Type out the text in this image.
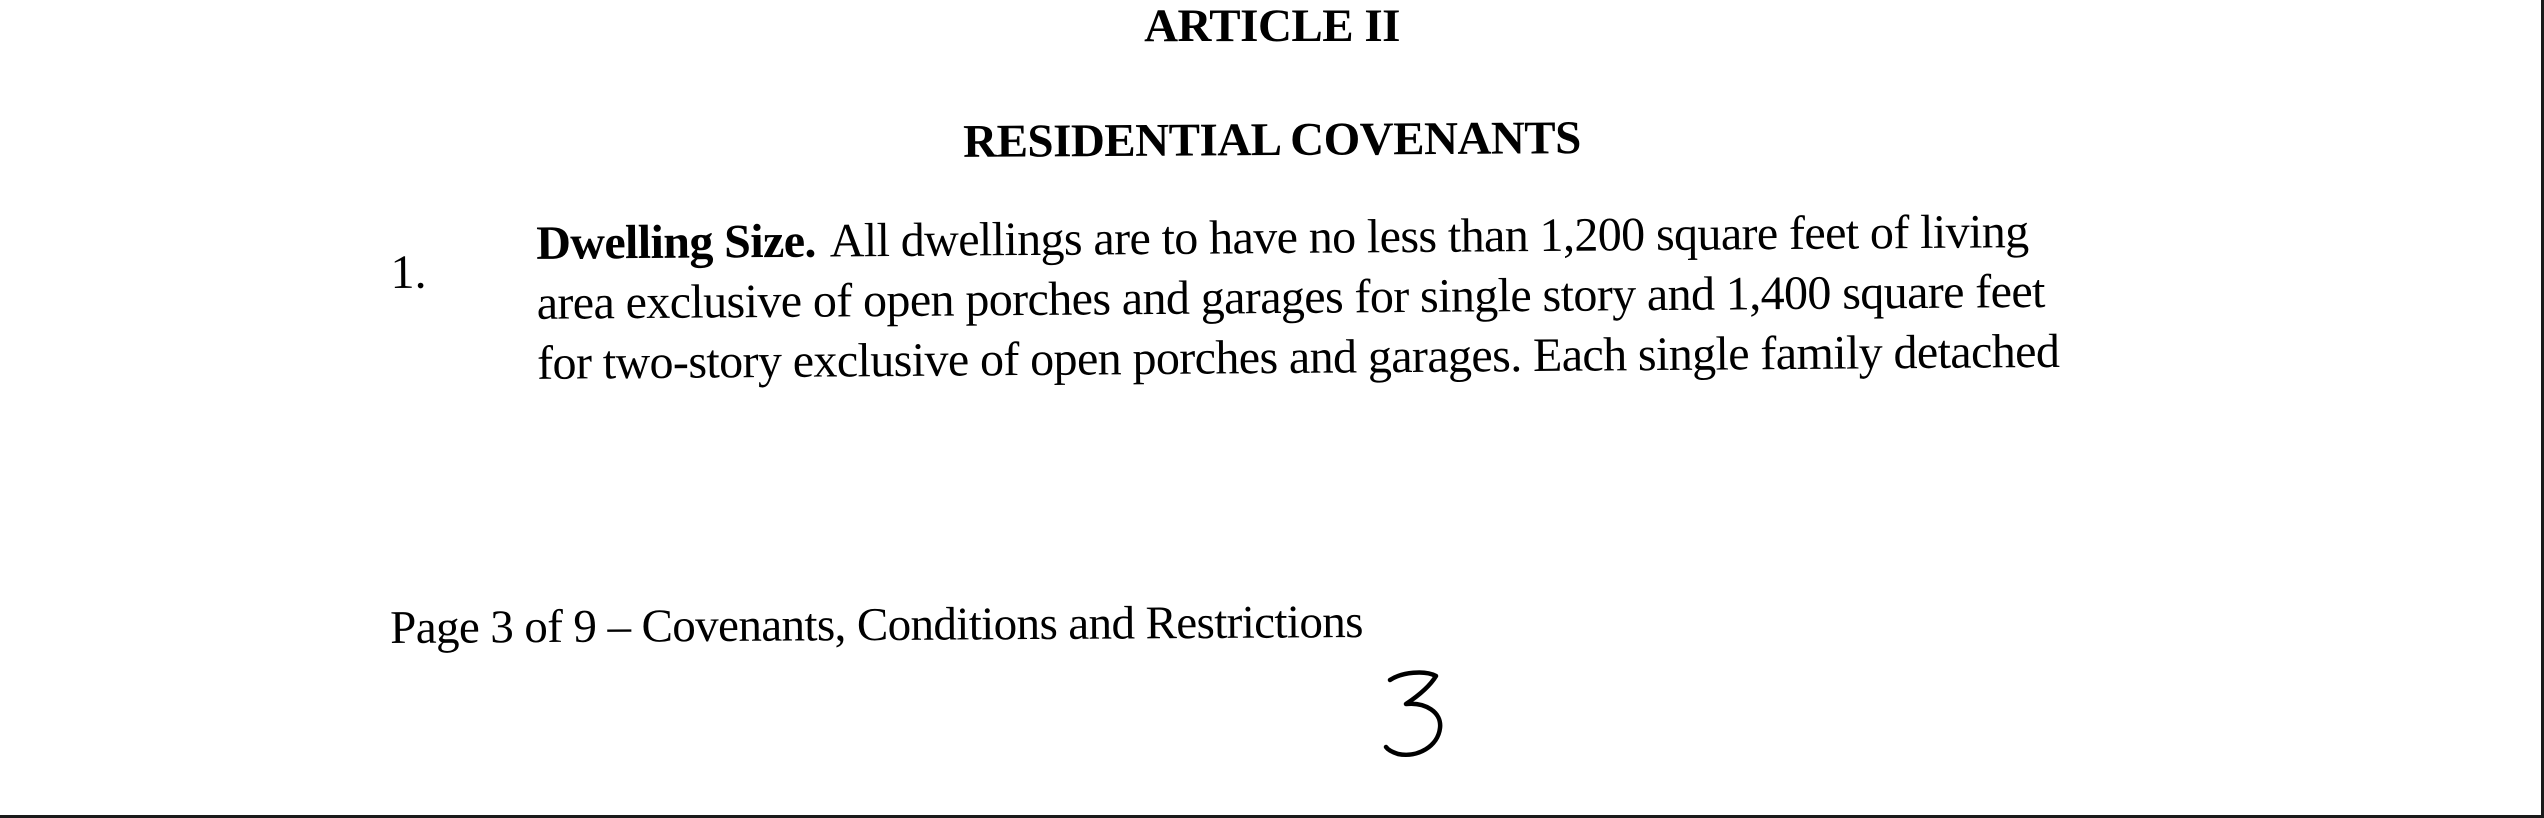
ARTICLE II
RESIDENTIAL COVENANTS
1.
Dwelling Size. All dwellings are to have no less than 1,200 square feet of living
area exclusive of open porches and garages for single story and 1,400 square feet
for two-story exclusive of open porches and garages. Each single family detached
Page 3 of 9 – Covenants, Conditions and Restrictions
